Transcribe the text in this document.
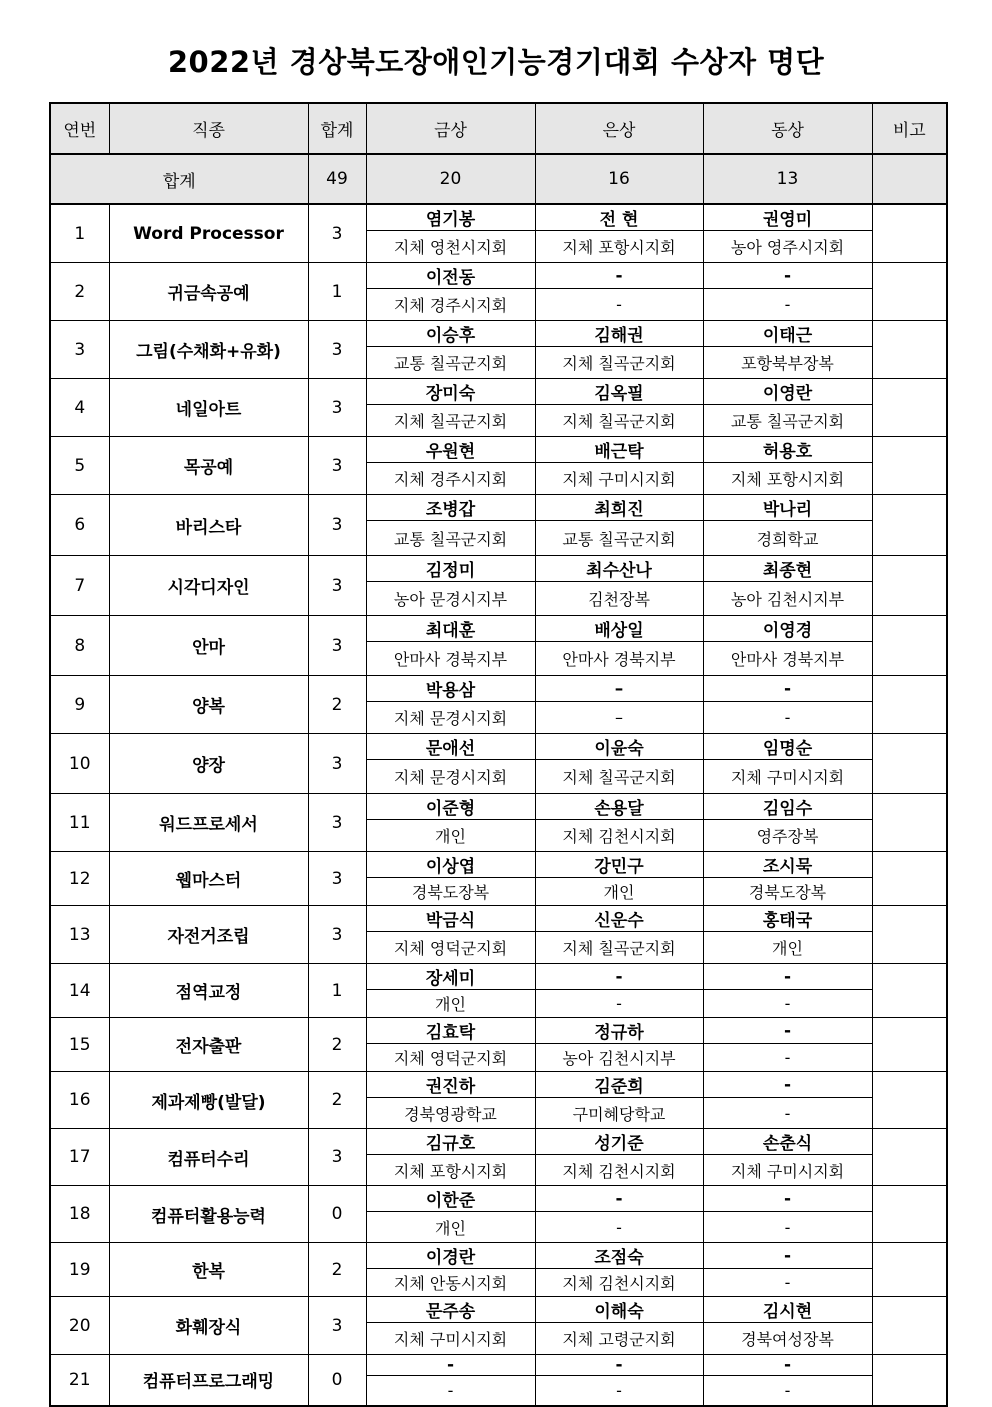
2022년 경상북도장애인기능경기대회 수상자 명단
연번	직종	합계	금상	은상	동상	비고
합계		49	20	16	13	
1	Word Processor	3	염기봉	전 현	권영미	
			지체 영천시지회	지체 포항시지회	농아 영주시지회	
2	귀금속공예	1	이전동	-	-	
			지체 경주시지회	-	-	
3	그림(수채화+유화)	3	이승후	김해권	이태근	
			교통 칠곡군지회	지체 칠곡군지회	포항북부장복	
4	네일아트	3	장미숙	김옥필	이영란	
			지체 칠곡군지회	지체 칠곡군지회	교통 칠곡군지회	
5	목공예	3	우원현	배근탁	허용호	
			지체 경주시지회	지체 구미시지회	지체 포항시지회	
6	바리스타	3	조병갑	최희진	박나리	
			교통 칠곡군지회	교통 칠곡군지회	경희학교	
7	시각디자인	3	김정미	최수산나	최종현	
			농아 문경시지부	김천장복	농아 김천시지부	
8	안마	3	최대훈	배상일	이영경	
			안마사 경북지부	안마사 경북지부	안마사 경북지부	
9	양복	2	박용삼	–	-	
			지체 문경시지회	–	-	
10	양장	3	문애선	이윤숙	임명순	
			지체 문경시지회	지체 칠곡군지회	지체 구미시지회	
11	워드프로세서	3	이준형	손용달	김임수	
			개인	지체 김천시지회	영주장복	
12	웹마스터	3	이상엽	강민구	조시묵	
			경북도장복	개인	경북도장복	
13	자전거조립	3	박금식	신운수	홍태국	
			지체 영덕군지회	지체 칠곡군지회	개인	
14	점역교정	1	장세미	-	-	
			개인	-	-	
15	전자출판	2	김효탁	정규하	-	
			지체 영덕군지회	농아 김천시지부	-	
16	제과제빵(발달)	2	권진하	김준희	-	
			경북영광학교	구미혜당학교	-	
17	컴퓨터수리	3	김규호	성기준	손춘식	
			지체 포항시지회	지체 김천시지회	지체 구미시지회	
18	컴퓨터활용능력	0	이한준	-	-	
			개인	-	-	
19	한복	2	이경란	조점숙	-	
			지체 안동시지회	지체 김천시지회	-	
20	화훼장식	3	문주송	이해숙	김시현	
			지체 구미시지회	지체 고령군지회	경북여성장복	
21	컴퓨터프로그래밍	0	-	-	-	
			-	-	-	
